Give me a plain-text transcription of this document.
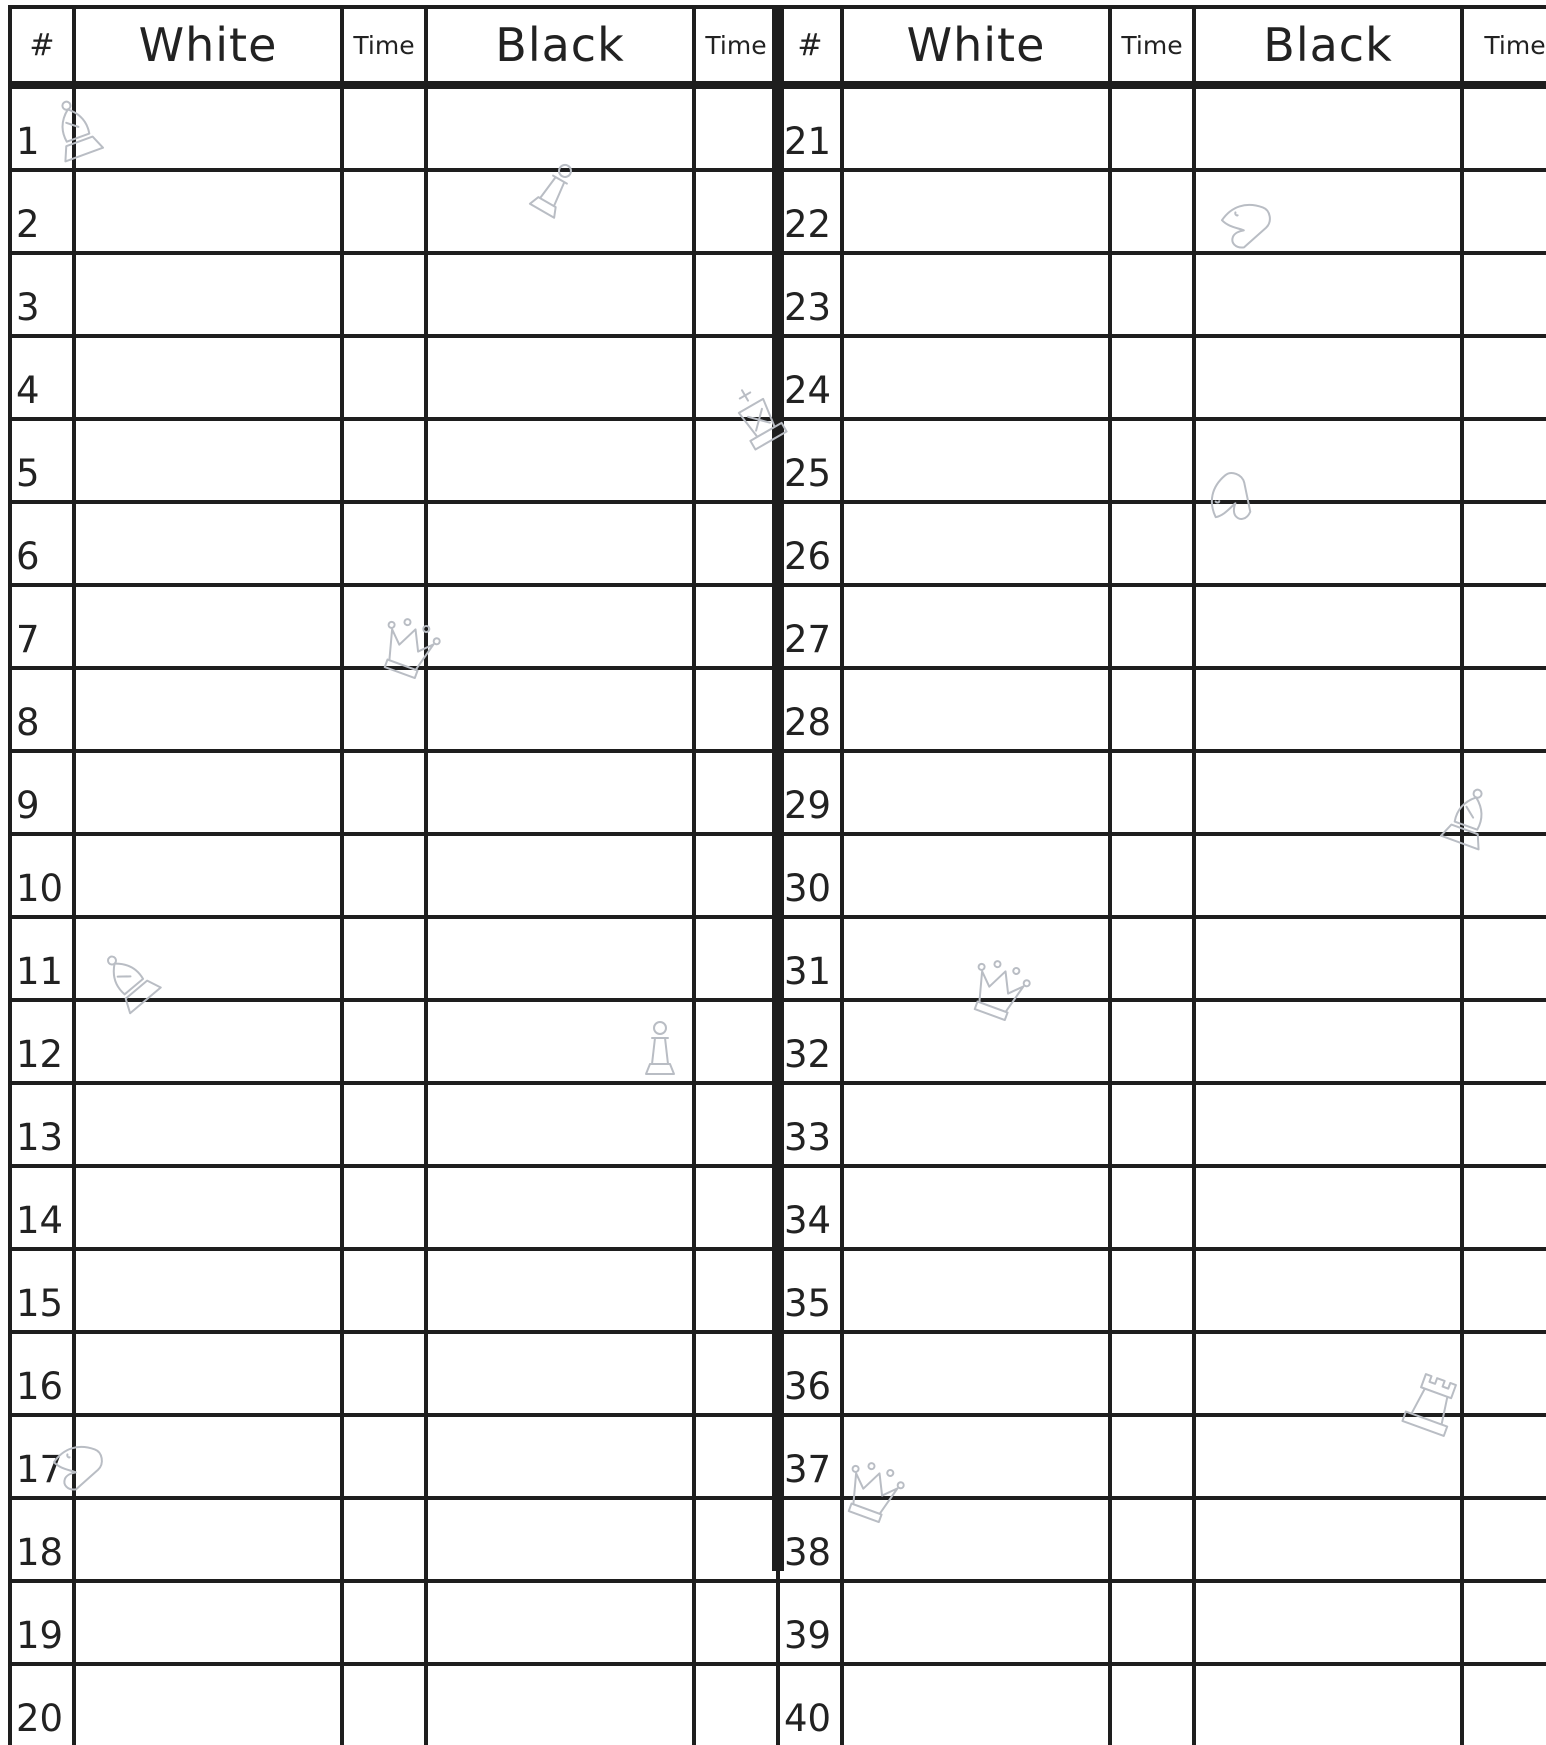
#	White	Time	Black	Time
1				
2				
3				
4				
5				
6				
7				
8				
9				
10				
11				
12				
13				
14				
15				
16				
17				
18				
19				
20				
#	White	Time	Black	Time
21				
22				
23				
24				
25				
26				
27				
28				
29				
30				
31				
32				
33				
34				
35				
36				
37				
38				
39				
40				
